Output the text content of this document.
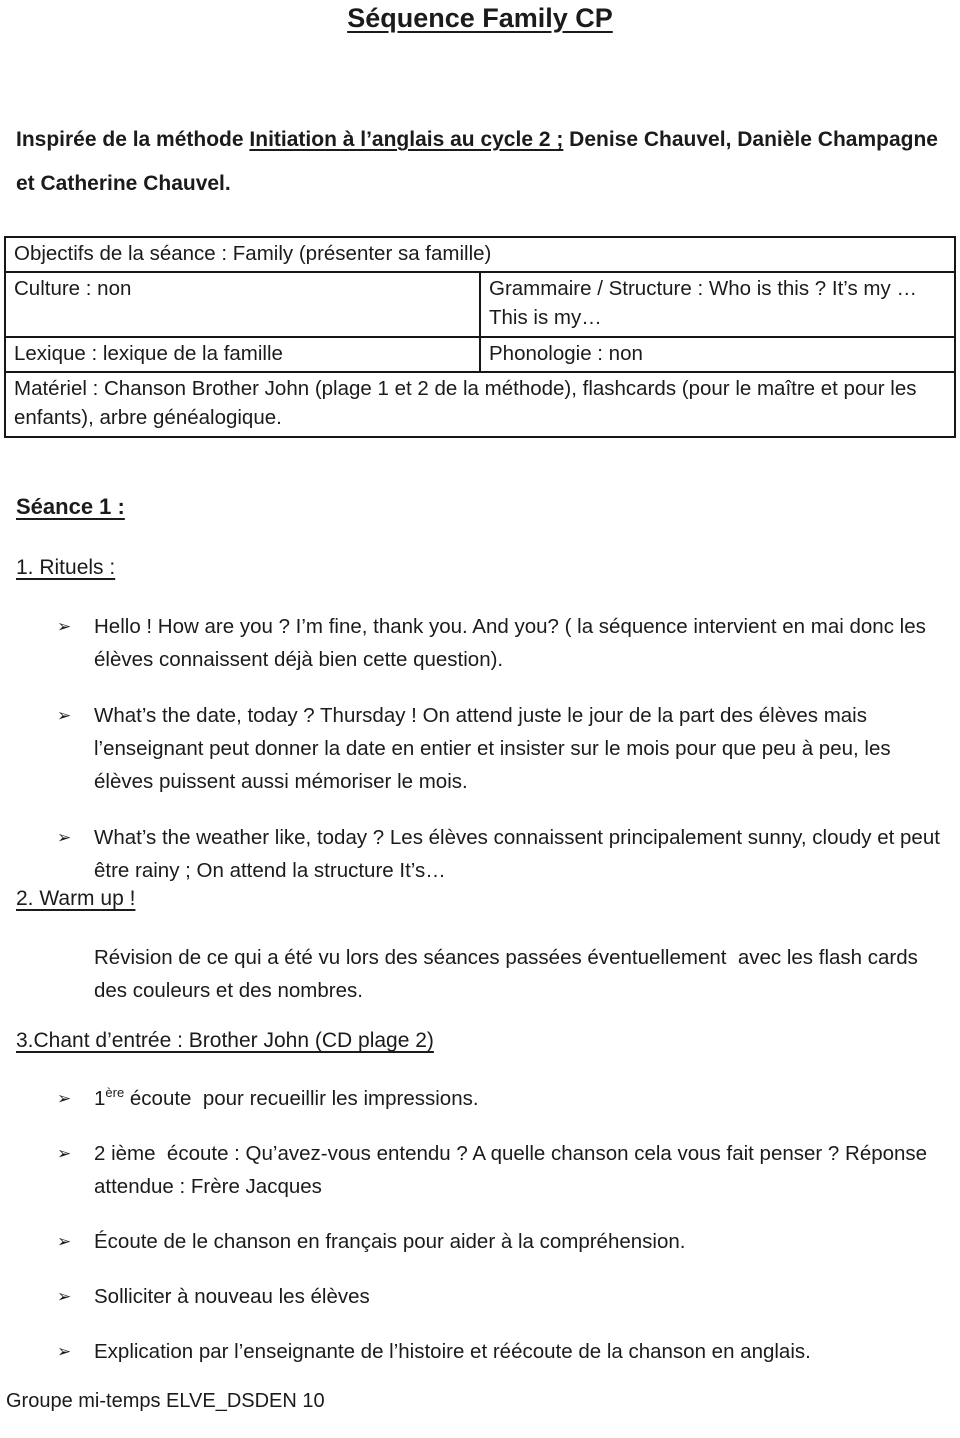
Séquence Family CP

Inspirée de la méthode Initiation à l’anglais au cycle 2 ; Denise Chauvel, Danièle Champagne et Catherine Chauvel.

Objectifs de la séance : Family (présenter sa famille)	
Culture : non	Grammaire / Structure : Who is this ? It’s my … This is my…
Lexique : lexique de la famille	Phonologie : non
Matériel : Chanson Brother John (plage 1 et 2 de la méthode), flashcards (pour le maître et pour les enfants), arbre généalogique.	
Séance 1 :
1. Rituels :
➢	Hello ! How are you ? I’m fine, thank you. And you? ( la séquence intervient en mai donc les élèves connaissent déjà bien cette question).
➢	What’s the date, today ? Thursday ! On attend juste le jour de la part des élèves mais l’enseignant peut donner la date en entier et insister sur le mois pour que peu à peu, les élèves puissent aussi mémoriser le mois.
➢	What’s the weather like, today ? Les élèves connaissent principalement sunny, cloudy et peut être rainy ; On attend la structure It’s…
2. Warm up !

Révision de ce qui a été vu lors des séances passées éventuellement  avec les flash cards des couleurs et des nombres.

3.Chant d’entrée : Brother John (CD plage 2)
➢	1ère écoute  pour recueillir les impressions.
➢	2 ième  écoute : Qu’avez-vous entendu ? A quelle chanson cela vous fait penser ? Réponse attendue : Frère Jacques
➢	Écoute de le chanson en français pour aider à la compréhension.
➢	Solliciter à nouveau les élèves
➢	Explication par l’enseignante de l’histoire et réécoute de la chanson en anglais.
Groupe mi-temps ELVE_DSDEN 10
